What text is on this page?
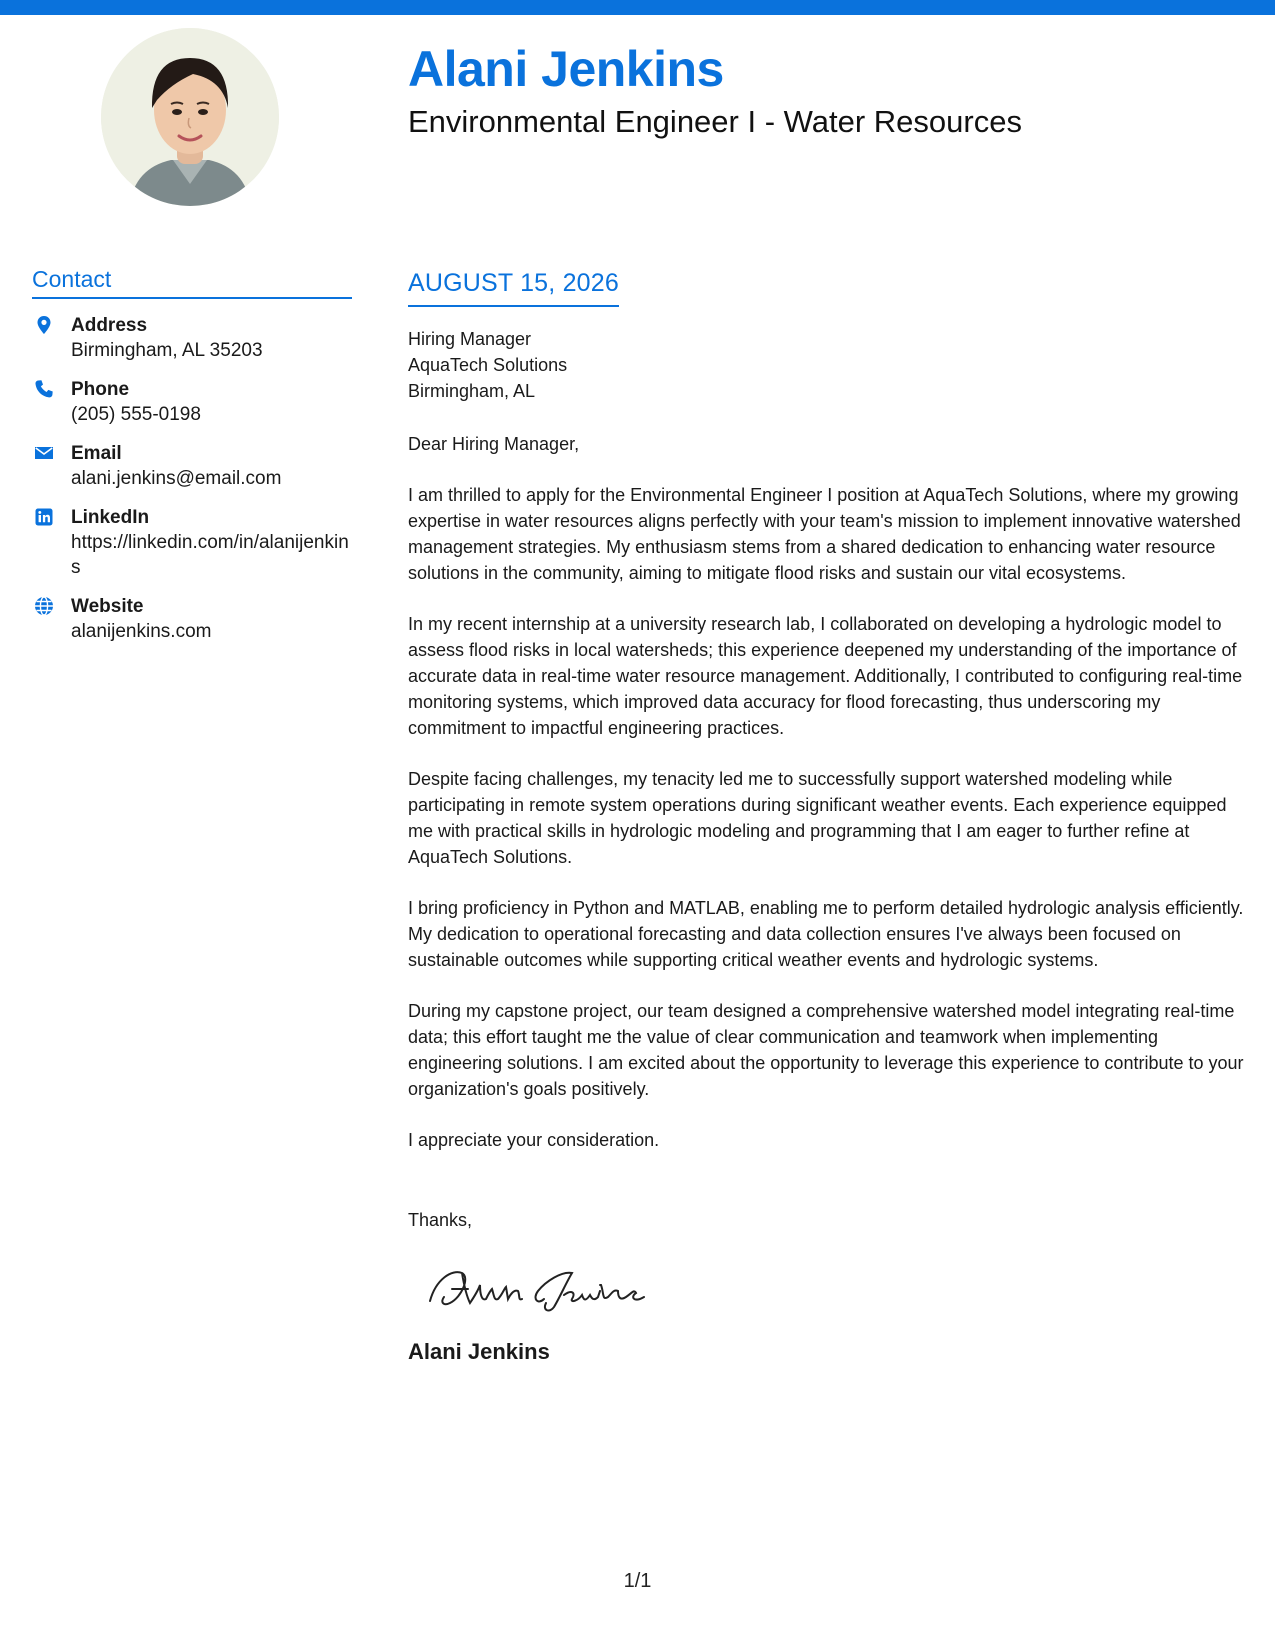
Alani Jenkins
Environmental Engineer I - Water Resources
Contact
Address
Birmingham, AL 35203
Phone
(205) 555-0198
Email
alani.jenkins@email.com
LinkedIn
https://linkedin.com/in/alanijenkins
Website
alanijenkins.com
AUGUST 15, 2026
Hiring Manager
AquaTech Solutions
Birmingham, AL

Dear Hiring Manager,

I am thrilled to apply for the Environmental Engineer I position at AquaTech Solutions, where my growing expertise in water resources aligns perfectly with your team's mission to implement innovative watershed management strategies. My enthusiasm stems from a shared dedication to enhancing water resource solutions in the community, aiming to mitigate flood risks and sustain our vital ecosystems.

In my recent internship at a university research lab, I collaborated on developing a hydrologic model to assess flood risks in local watersheds; this experience deepened my understanding of the importance of accurate data in real-time water resource management. Additionally, I contributed to configuring real-time monitoring systems, which improved data accuracy for flood forecasting, thus underscoring my commitment to impactful engineering practices.

Despite facing challenges, my tenacity led me to successfully support watershed modeling while participating in remote system operations during significant weather events. Each experience equipped me with practical skills in hydrologic modeling and programming that I am eager to further refine at AquaTech Solutions.

I bring proficiency in Python and MATLAB, enabling me to perform detailed hydrologic analysis efficiently. My dedication to operational forecasting and data collection ensures I've always been focused on sustainable outcomes while supporting critical weather events and hydrologic systems.

During my capstone project, our team designed a comprehensive watershed model integrating real-time data; this effort taught me the value of clear communication and teamwork when implementing engineering solutions. I am excited about the opportunity to leverage this experience to contribute to your organization's goals positively.

I appreciate your consideration.

Thanks,

Alani Jenkins

1/1
